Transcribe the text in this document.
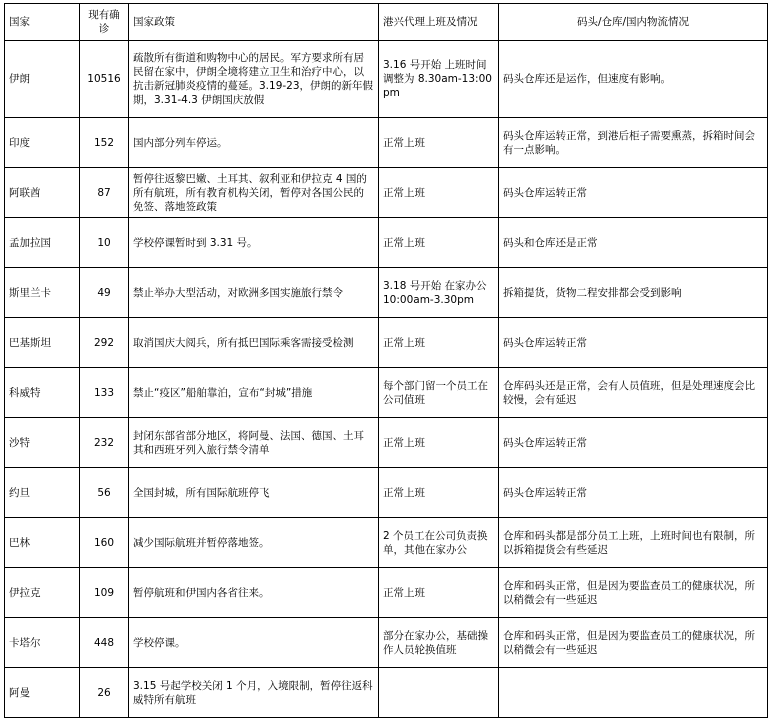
国家	现有确诊	国家政策	港兴代理上班及情况	码头/仓库/国内物流情况
伊朗	10516	疏散所有街道和购物中心的居民。军方要求所有居民留在家中，伊朗全境将建立卫生和治疗中心，以抗击新冠肺炎疫情的蔓延。3.19-23，伊朗的新年假期，3.31-4.3 伊朗国庆放假	3.16 号开始 上班时间调整为 8.30am-13:00pm	码头仓库还是运作，但速度有影响。
印度	152	国内部分列车停运。	正常上班	码头仓库运转正常，到港后柜子需要熏蒸，拆箱时间会有一点影响。
阿联酋	87	暂停往返黎巴嫩、土耳其、叙利亚和伊拉克 4 国的所有航班，所有教育机构关闭，暂停对各国公民的免签、落地签政策	正常上班	码头仓库运转正常
孟加拉国	10	学校停课暂时到 3.31 号。	正常上班	码头和仓库还是正常
斯里兰卡	49	禁止举办大型活动，对欧洲多国实施旅行禁令	3.18 号开始 在家办公 10:00am-3.30pm	拆箱提货，货物二程安排都会受到影响
巴基斯坦	292	取消国庆大阅兵，所有抵巴国际乘客需接受检测	正常上班	码头仓库运转正常
科威特	133	禁止“疫区”船舶靠泊，宣布“封城”措施	每个部门留一个员工在公司值班	仓库码头还是正常，会有人员值班，但是处理速度会比较慢，会有延迟
沙特	232	封闭东部省部分地区，将阿曼、法国、德国、土耳其和西班牙列入旅行禁令清单	正常上班	码头仓库运转正常
约旦	56	全国封城，所有国际航班停飞	正常上班	码头仓库运转正常
巴林	160	减少国际航班并暂停落地签。	2 个员工在公司负责换单，其他在家办公	仓库和码头都是部分员工上班，上班时间也有限制，所以拆箱提货会有些延迟
伊拉克	109	暂停航班和伊国内各省往来。	正常上班	仓库和码头正常，但是因为要监查员工的健康状况，所以稍微会有一些延迟
卡塔尔	448	学校停课。	部分在家办公，基础操作人员轮换值班	仓库和码头正常，但是因为要监查员工的健康状况，所以稍微会有一些延迟
阿曼	26	3.15 号起学校关闭 1 个月，入境限制，暂停往返科威特所有航班		
